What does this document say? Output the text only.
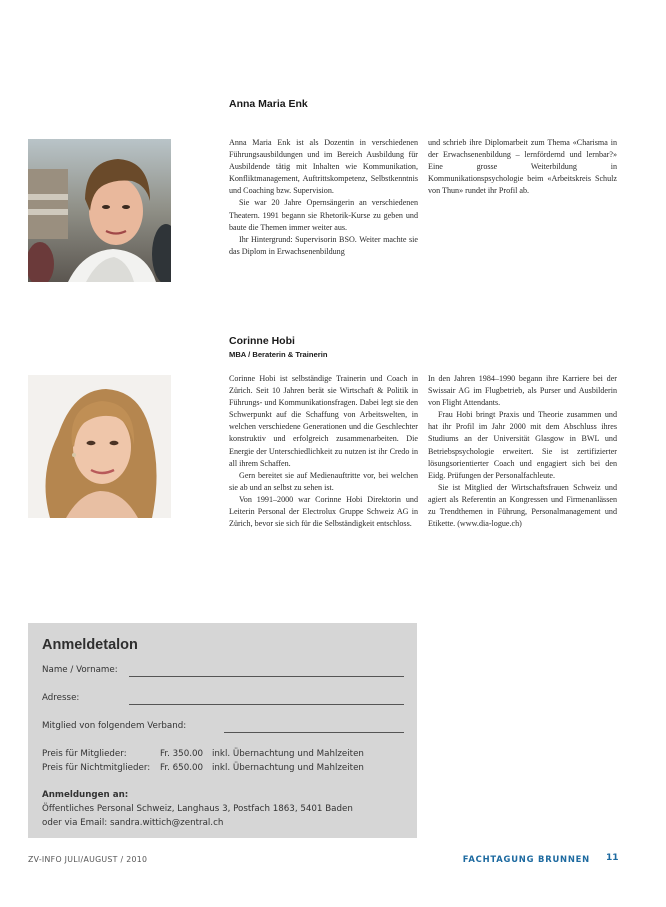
Anna Maria Enk

Anna Maria Enk ist als Dozentin in verschiedenen Führungsausbildungen und im Bereich Ausbildung für Ausbildende tätig mit Inhalten wie Kommunikation, Konfliktmanagement, Auftrittskompetenz, Selbstkenntnis und Coaching bzw. Supervision.

Sie war 20 Jahre Opernsängerin an verschiedenen Theatern. 1991 begann sie Rhetorik-Kurse zu geben und baute die Themen immer weiter aus.

Ihr Hintergrund: Supervisorin BSO. Weiter machte sie das Diplom in Erwachsenenbildung

und schrieb ihre Diplomarbeit zum Thema «Charisma in der Erwachsenenbildung – lernfördernd und lernbar?» Eine grosse Weiterbildung in Kommunikationspsychologie beim «Arbeitskreis Schulz von Thun» rundet ihr Profil ab.

Corinne Hobi
MBA / Beraterin & Trainerin

Corinne Hobi ist selbständige Trainerin und Coach in Zürich. Seit 10 Jahren berät sie Wirtschaft & Politik in Führungs- und Kommunikationsfragen. Dabei legt sie den Schwerpunkt auf die Schaffung von Arbeitswelten, in welchen verschiedene Generationen und die Geschlechter konstruktiv und erfolgreich zusammenarbeiten. Die Energie der Unterschiedlichkeit zu nutzen ist ihr Credo in all ihrem Schaffen.

Gern bereitet sie auf Medienauftritte vor, bei welchen sie ab und an selbst zu sehen ist.

Von 1991–2000 war Corinne Hobi Direktorin und Leiterin Personal der Electrolux Gruppe Schweiz AG in Zürich, bevor sie sich für die Selbständigkeit entschloss.

In den Jahren 1984–1990 begann ihre Karriere bei der Swissair AG im Flugbetrieb, als Purser und Ausbilderin von Flight Attendants.

Frau Hobi bringt Praxis und Theorie zusammen und hat ihr Profil im Jahr 2000 mit dem Abschluss ihres Studiums an der Universität Glasgow in BWL und Betriebspsychologie erweitert. Sie ist zertifizierter lösungsorientierter Coach und engagiert sich bei den Eidg. Prüfungen der Personalfachleute.

Sie ist Mitglied der Wirtschaftsfrauen Schweiz und agiert als Referentin an Kongressen und Firmenanlässen zu Trendthemen in Führung, Personalmanagement und Etikette. (www.dia-logue.ch)

Anmeldetalon
Name / Vorname:
Adresse:
Mitglied von folgendem Verband:
Preis für Mitglieder:	Fr. 350.00 inkl. Übernachtung und Mahlzeiten
Preis für Nichtmitglieder: Fr. 650.00 inkl. Übernachtung und Mahlzeiten
Anmeldungen an:
Öffentliches Personal Schweiz, Langhaus 3, Postfach 1863, 5401 Baden
oder via Email: sandra.wittich@zentral.ch
ZV-INFO JULI/AUGUST / 2010	FACHTAGUNG BRUNNEN 11
